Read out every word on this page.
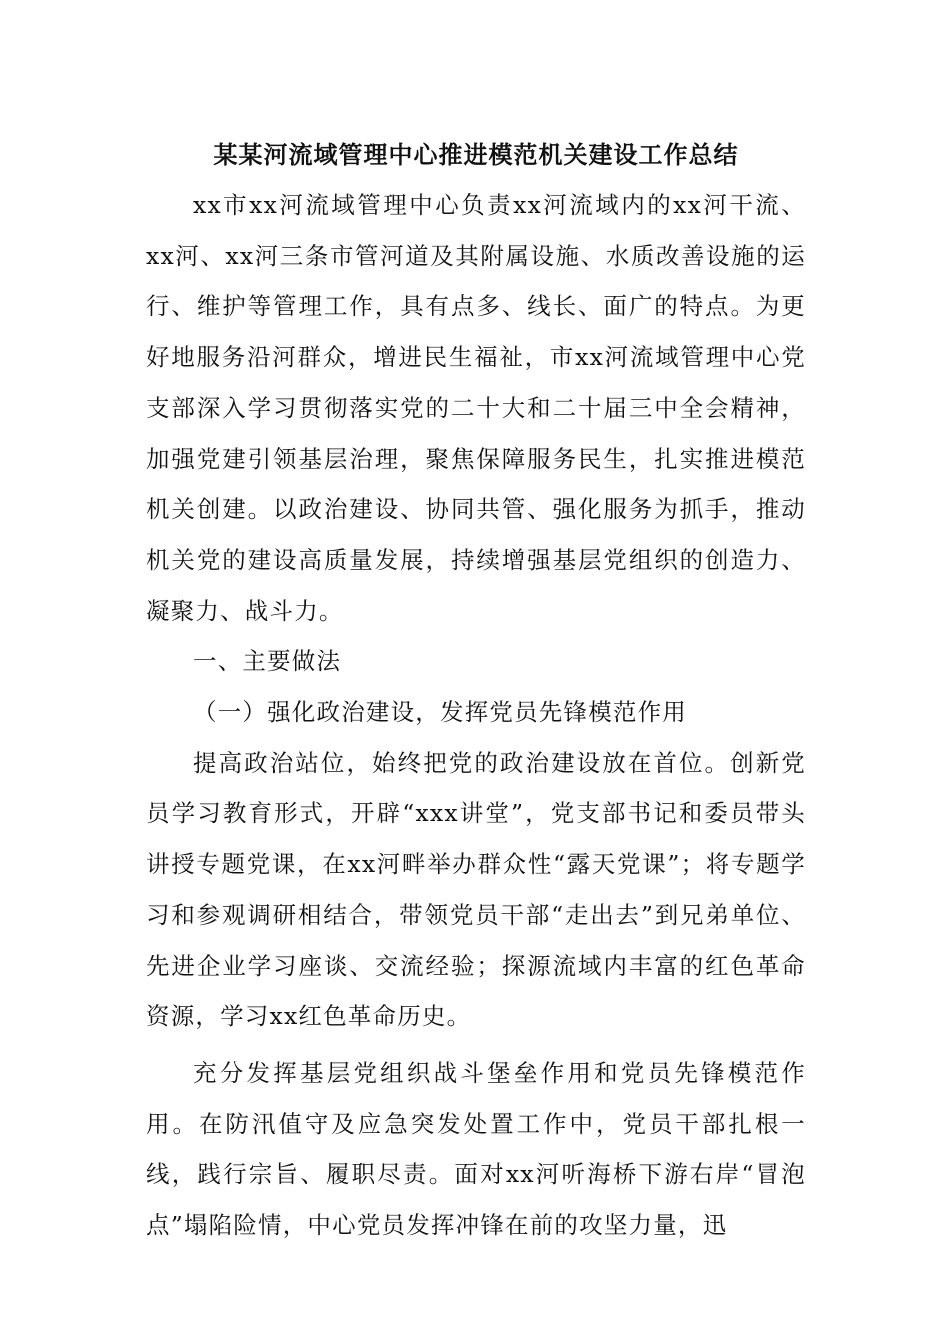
某某河流域管理中心推进模范机关建设工作总结

xx市xx河流域管理中心负责xx河流域内的xx河干流、xx河、xx河三条市管河道及其附属设施、水质改善设施的运行、维护等管理工作，具有点多、线长、面广的特点。为更好地服务沿河群众，增进民生福祉，市xx河流域管理中心党支部深入学习贯彻落实党的二十大和二十届三中全会精神，加强党建引领基层治理，聚焦保障服务民生，扎实推进模范机关创建。以政治建设、协同共管、强化服务为抓手，推动机关党的建设高质量发展，持续增强基层党组织的创造力、凝聚力、战斗力。

一、主要做法

（一）强化政治建设，发挥党员先锋模范作用

提高政治站位，始终把党的政治建设放在首位。创新党员学习教育形式，开辟“xxx讲堂”，党支部书记和委员带头讲授专题党课，在xx河畔举办群众性“露天党课”；将专题学习和参观调研相结合，带领党员干部“走出去”到兄弟单位、先进企业学习座谈、交流经验；探源流域内丰富的红色革命资源，学习xx红色革命历史。

充分发挥基层党组织战斗堡垒作用和党员先锋模范作用。在防汛值守及应急突发处置工作中，党员干部扎根一线，践行宗旨、履职尽责。面对xx河听海桥下游右岸“冒泡点”塌陷险情，中心党员发挥冲锋在前的攻坚力量，迅
